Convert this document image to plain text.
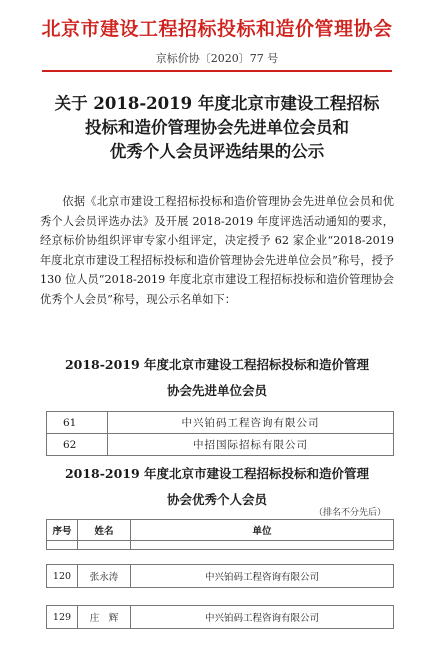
北京市建设工程招标投标和造价管理协会
京标价协〔2020〕77 号
关于 2018-2019 年度北京市建设工程招标
投标和造价管理协会先进单位会员和
优秀个人会员评选结果的公示

依据《北京市建设工程招标投标和造价管理协会先进单位会员和优秀个人会员评选办法》及开展 2018-2019 年度评选活动通知的要求，经京标价协组织评审专家小组评定，决定授予 62 家企业“2018-2019 年度北京市建设工程招标投标和造价管理协会先进单位会员”称号，授予 130 位人员“2018-2019 年度北京市建设工程招标投标和造价管理协会优秀个人会员”称号，现公示名单如下：

2018-2019 年度北京市建设工程招标投标和造价管理
协会先进单位会员
61	中兴铂码工程咨询有限公司
62	中招国际招标有限公司
2018-2019 年度北京市建设工程招标投标和造价管理
协会优秀个人会员
（排名不分先后）
序号	姓名	单位

120	张永涛	中兴铂码工程咨询有限公司

129	庄　辉	中兴铂码工程咨询有限公司
